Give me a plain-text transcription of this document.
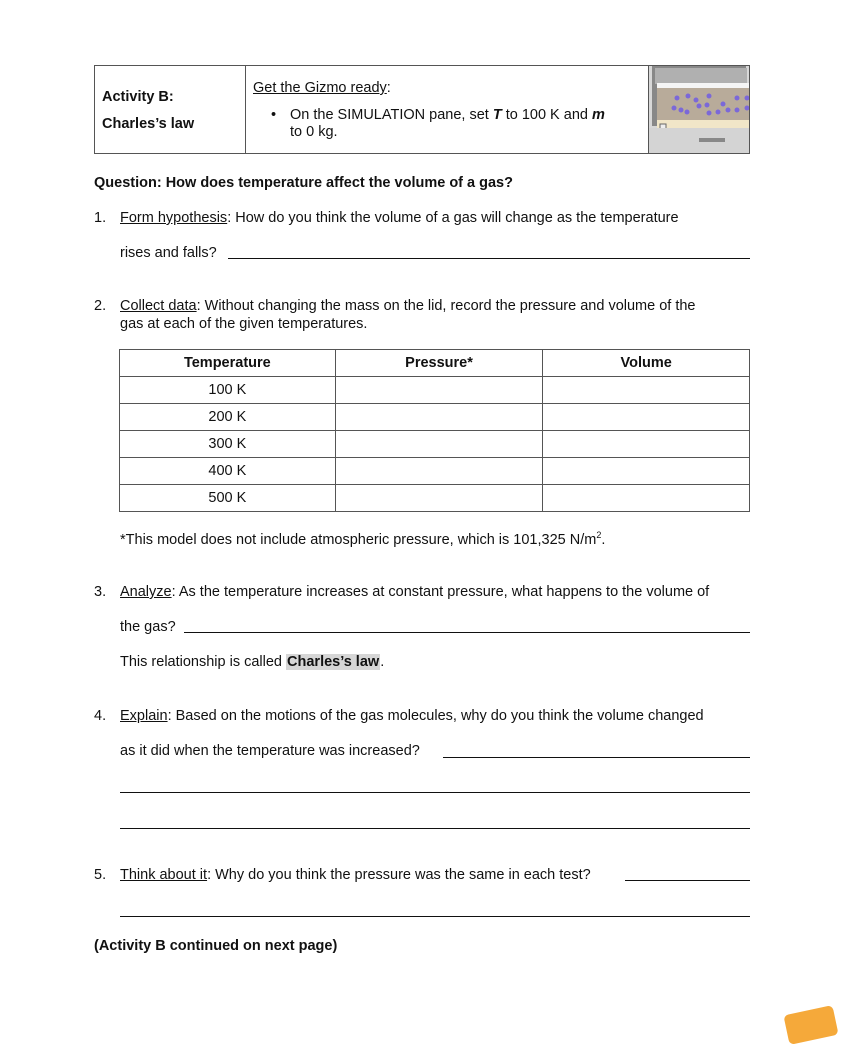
Activity B:
Charles’s law
Get the Gizmo ready:
• On the SIMULATION pane, set T to 100 K and m
to 0 kg.
Question: How does temperature affect the volume of a gas?
1. Form hypothesis: How do you think the volume of a gas will change as the temperature
rises and falls?
2. Collect data: Without changing the mass on the lid, record the pressure and volume of the
gas at each of the given temperatures.
Temperature	Pressure*	Volume
100 K		
200 K		
300 K		
400 K		
500 K		
*This model does not include atmospheric pressure, which is 101,325 $N/m^2$.
3. Analyze: As the temperature increases at constant pressure, what happens to the volume of
the gas?
This relationship is called Charles’s law.
4. Explain: Based on the motions of the gas molecules, why do you think the volume changed
as it did when the temperature was increased?
5. Think about it: Why do you think the pressure was the same in each test?
(Activity B continued on next page)
